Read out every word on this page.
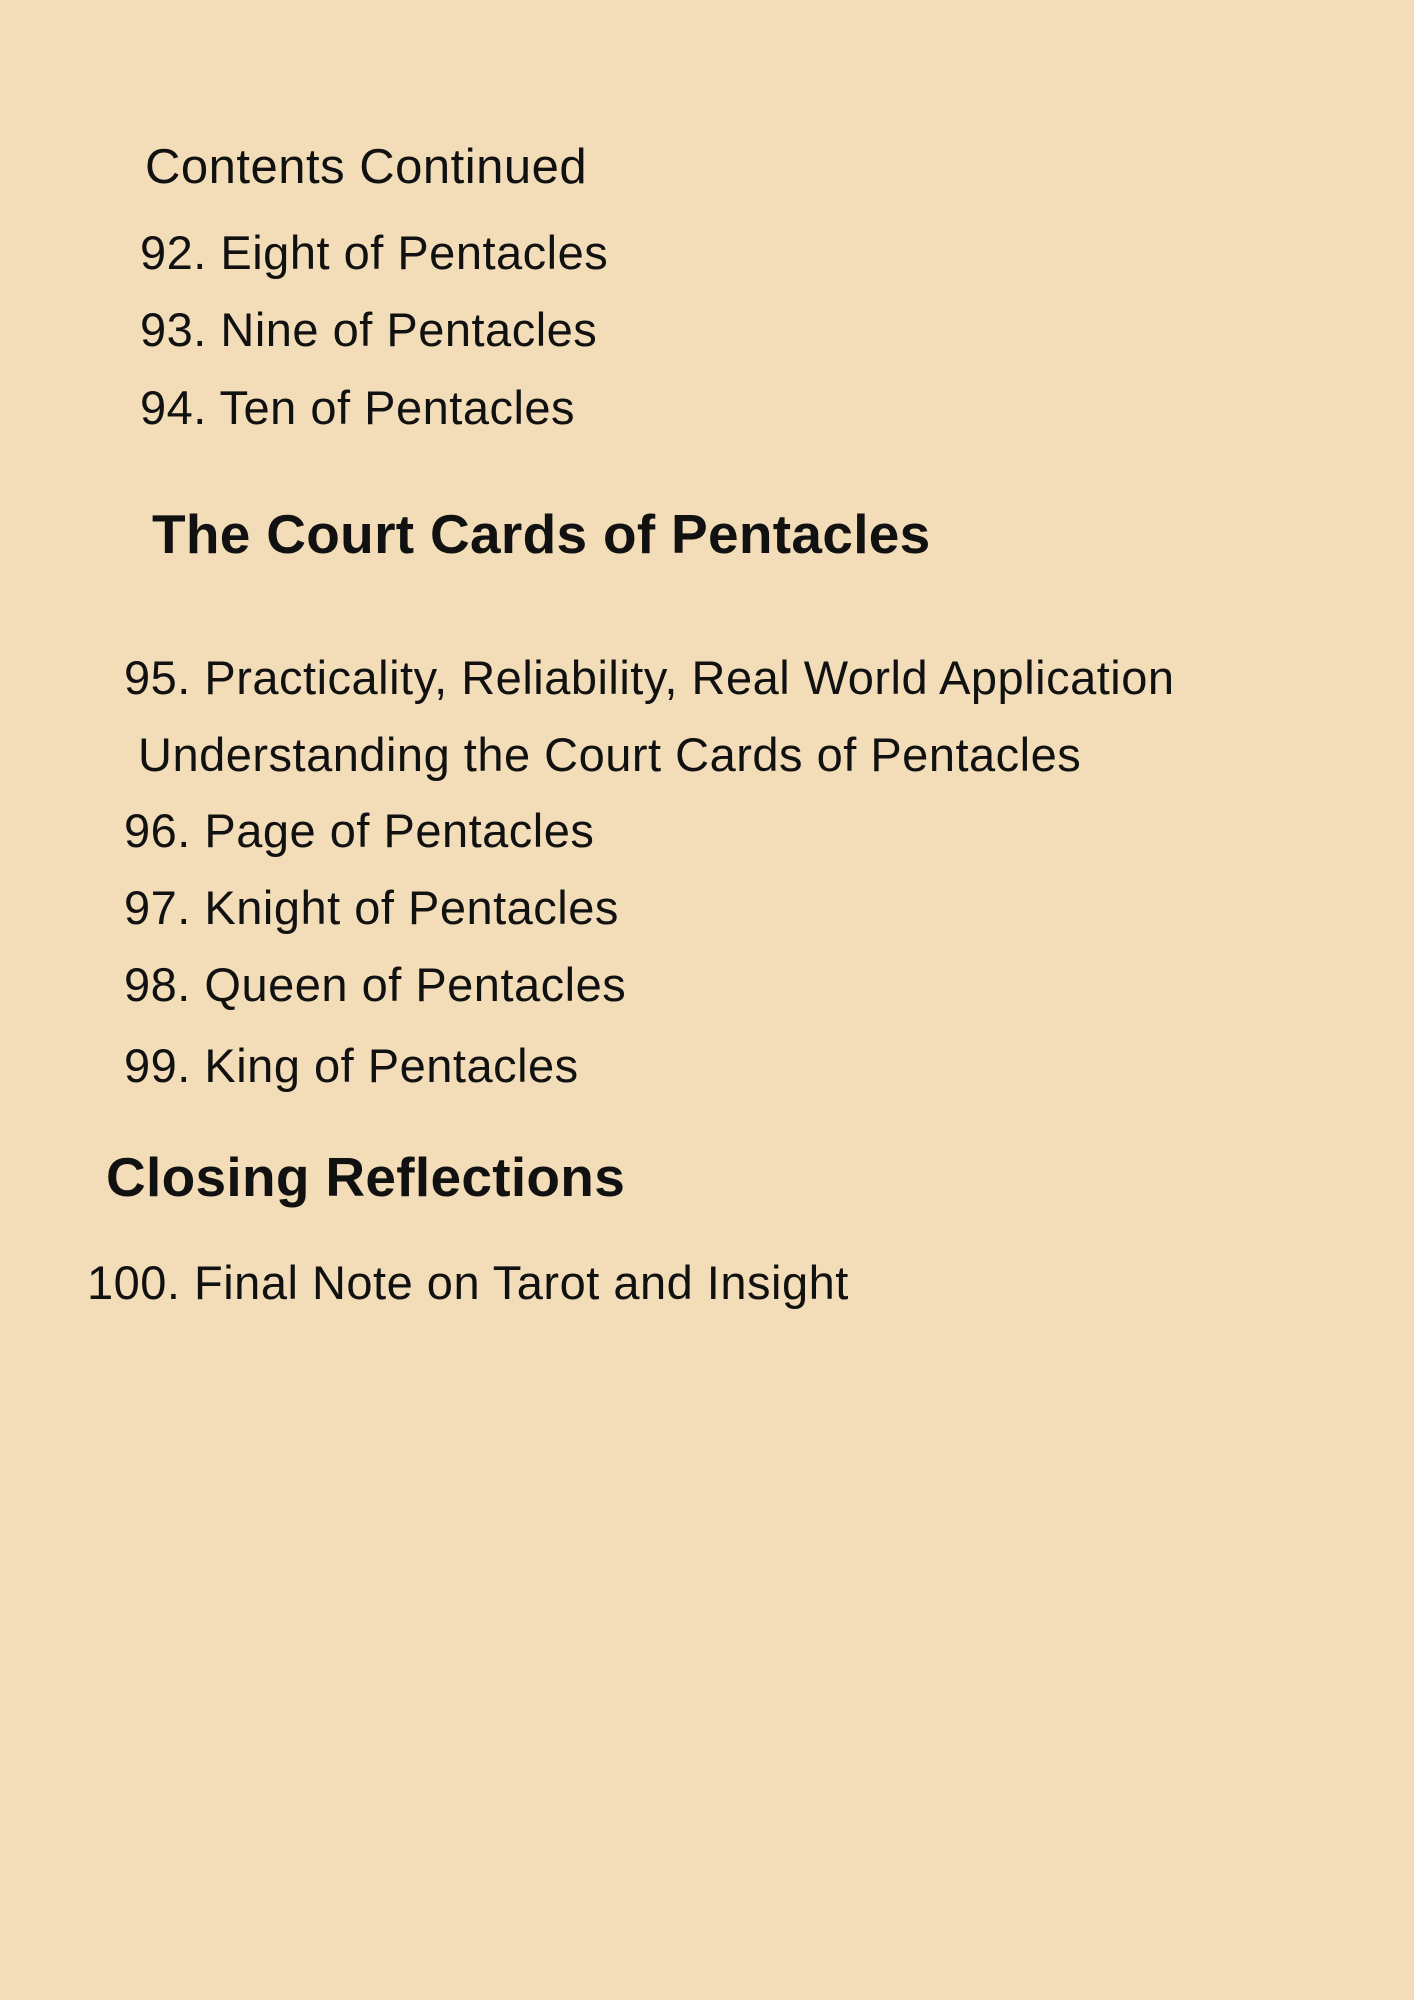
Contents Continued
92. Eight of Pentacles
93. Nine of Pentacles
94. Ten of Pentacles
The Court Cards of Pentacles
95. Practicality, Reliability, Real World Application
Understanding the Court Cards of Pentacles
96. Page of Pentacles
97. Knight of Pentacles
98. Queen of Pentacles
99. King of Pentacles
Closing Reflections
100. Final Note on Tarot and Insight
